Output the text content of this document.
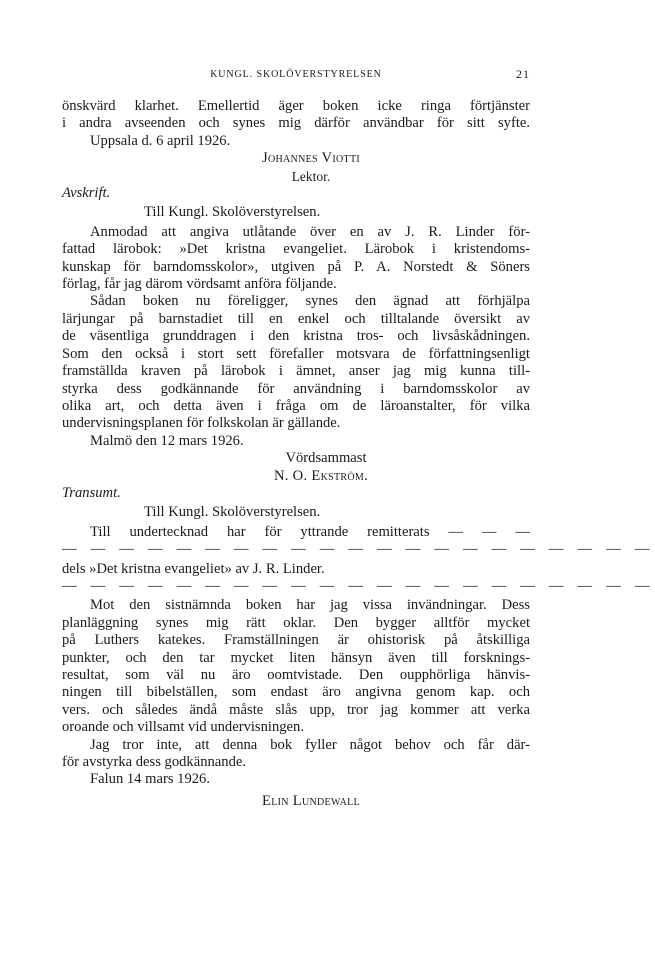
KUNGL. SKOLÖVERSTYRELSEN	21
önskvärd klarhet. Emellertid äger boken icke ringa förtjänster
i andra avseenden och synes mig därför användbar för sitt syfte.
Uppsala d. 6 april 1926.
Johannes Viotti
Lektor.
Avskrift.
Till Kungl. Skolöverstyrelsen.
Anmodad att angiva utlåtande över en av J. R. Linder för-
fattad lärobok: »Det kristna evangeliet. Lärobok i kristendoms-
kunskap för barndomsskolor», utgiven på P. A. Norstedt & Söners
förlag, får jag därom vördsamt anföra följande.
Sådan boken nu föreligger, synes den ägnad att förhjälpa
lärjungar på barnstadiet till en enkel och tilltalande översikt av
de väsentliga grunddragen i den kristna tros- och livsåskådningen.
Som den också i stort sett förefaller motsvara de författningsenligt
framställda kraven på lärobok i ämnet, anser jag mig kunna till-
styrka dess godkännande för användning i barndomsskolor av
olika art, och detta även i fråga om de läroanstalter, för vilka
undervisningsplanen för folkskolan är gällande.
Malmö den 12 mars 1926.
Vördsammast
N. O. Ekström.
Transumt.
Till Kungl. Skolöverstyrelsen.
Till undertecknad har för yttrande remitterats — — —
— — — — — — — — — — — — — — — — — — — — —
dels »Det kristna evangeliet» av J. R. Linder.
— — — — — — — — — — — — — — — — — — — — —
Mot den sistnämnda boken har jag vissa invändningar. Dess
planläggning synes mig rätt oklar. Den bygger alltför mycket
på Luthers katekes. Framställningen är ohistorisk på åtskilliga
punkter, och den tar mycket liten hänsyn även till forsknings-
resultat, som väl nu äro oomtvistade. Den oupphörliga hänvis-
ningen till bibelställen, som endast äro angivna genom kap. och
vers. och således ändå måste slås upp, tror jag kommer att verka
oroande och villsamt vid undervisningen.
Jag tror inte, att denna bok fyller något behov och får där-
för avstyrka dess godkännande.
Falun 14 mars 1926.
Elin Lundewall
